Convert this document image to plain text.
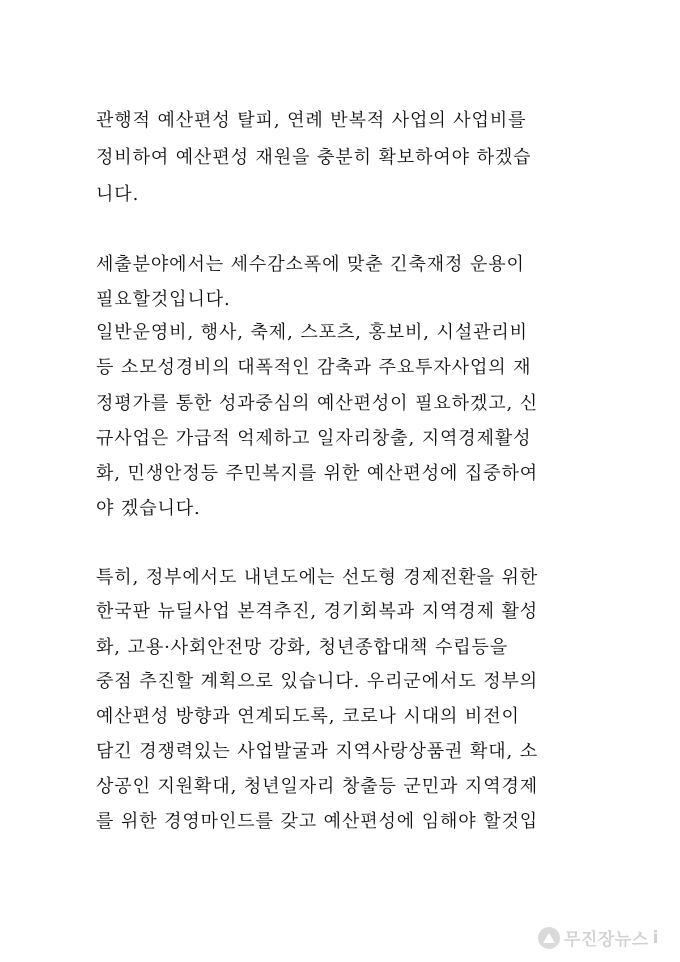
관행적 예산편성 탈피, 연례 반복적 사업의 사업비를
정비하여 예산편성 재원을 충분히 확보하여야 하겠습
니다.
세출분야에서는 세수감소폭에 맞춘 긴축재정 운용이
필요할것입니다.
일반운영비, 행사, 축제, 스포츠, 홍보비, 시설관리비
등 소모성경비의 대폭적인 감축과 주요투자사업의 재
정평가를 통한 성과중심의 예산편성이 필요하겠고, 신
규사업은 가급적 억제하고 일자리창출, 지역경제활성
화, 민생안정등 주민복지를 위한 예산편성에 집중하여
야 겠습니다.
특히, 정부에서도 내년도에는 선도형 경제전환을 위한
한국판 뉴딜사업 본격추진, 경기회복과 지역경제 활성
화, 고용·사회안전망 강화, 청년종합대책 수립등을
중점 추진할 계획으로 있습니다. 우리군에서도 정부의
예산편성 방향과 연계되도록, 코로나 시대의 비전이
담긴 경쟁력있는 사업발굴과 지역사랑상품권 확대, 소
상공인 지원확대, 청년일자리 창출등 군민과 지역경제
를 위한 경영마인드를 갖고 예산편성에 임해야 할것입
무진장뉴스 i
